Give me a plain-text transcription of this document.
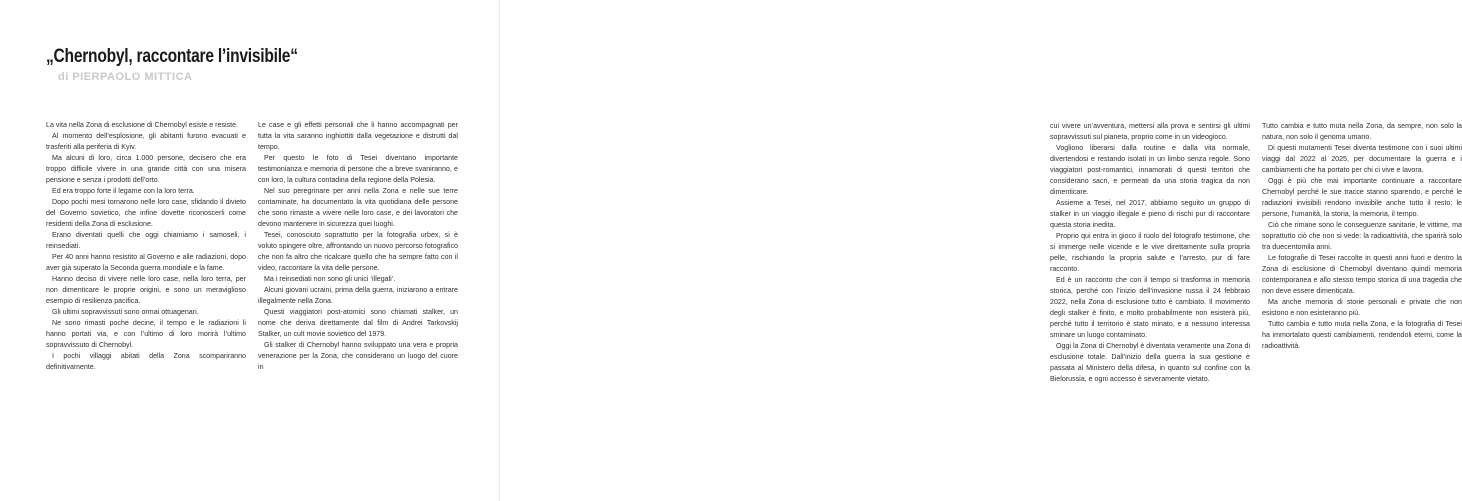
„Chernobyl, raccontare l’invisibile“
di PIERPAOLO MITTICA

La vita nella Zona di esclusione di Chernobyl esiste e resiste.

Al momento dell’esplosione, gli abitanti furono evacuati e trasferiti alla periferia di Kyiv.

Ma alcuni di loro, circa 1.000 persone, decisero che era troppo difficile vivere in una grande città con una misera pensione e senza i prodotti dell’orto.

Ed era troppo forte il legame con la loro terra.

Dopo pochi mesi tornarono nelle loro case, sfidando il divieto del Governo sovietico, che infine dovette riconoscerli come residenti della Zona di esclusione.

Erano diventati quelli che oggi chiamiamo i samoseli, i reinsediati.

Per 40 anni hanno resistito al Governo e alle radiazioni, dopo aver già superato la Seconda guerra mondiale e la fame.

Hanno deciso di vivere nelle loro case, nella loro terra, per non dimenticare le proprie origini, e sono un meraviglioso esempio di resilienza pacifica.

Gli ultimi sopravvissuti sono ormai ottuagenari.

Ne sono rimasti poche decine, il tempo e le radiazioni li hanno portati via, e con l’ultimo di loro morirà l’ultimo sopravvissuto di Chernobyl.

I pochi villaggi abitati della Zona scompariranno definitivamente.

Le case e gli effetti personali che li hanno accompagnati per tutta la vita saranno inghiottiti dalla vegetazione e distrutti dal tempo.

Per questo le foto di Tesei diventano importante testimonianza e memoria di persone che a breve svaniranno, e con loro, la cultura contadina della regione della Polesia.

Nel suo peregrinare per anni nella Zona e nelle sue terre contaminate, ha documentato la vita quotidiana delle persone che sono rimaste a vivere nelle loro case, e dei lavoratori che devono mantenere in sicurezza quei luoghi.

Tesei, conosciuto soprattutto per la fotografia urbex, si è voluto spingere oltre, affrontando un nuovo percorso fotografico che non fa altro che ricalcare quello che ha sempre fatto con il video, raccontare la vita delle persone.

Ma i reinsediati non sono gli unici ‘illegali’.

Alcuni giovani ucraini, prima della guerra, iniziarono a entrare illegalmente nella Zona.

Questi viaggiatori post-atomici sono chiamati stalker, un nome che deriva direttamente dal film di Andrei Tarkovskij Stalker, un cult movie sovietico del 1979.

Gli stalker di Chernobyl hanno sviluppato una vera e propria venerazione per la Zona, che considerano un luogo del cuore in

cui vivere un’avventura, mettersi alla prova e sentirsi gli ultimi sopravvissuti sul pianeta, proprio come in un videogioco.

Vogliono liberarsi dalla routine e dalla vita normale, divertendosi e restando isolati in un limbo senza regole. Sono viaggiatori post-romantici, innamorati di questi territori che considerano sacri, e permeati da una storia tragica da non dimenticare.

Assieme a Tesei, nel 2017, abbiamo seguito un gruppo di stalker in un viaggio illegale e pieno di rischi pur di raccontare questa storia inedita.

Proprio qui entra in gioco il ruolo del fotografo testimone, che si immerge nelle vicende e le vive direttamente sulla propria pelle, rischiando la propria salute e l’arresto, pur di fare racconto.

Ed è un racconto che con il tempo si trasforma in memoria storica, perché con l’inizio dell’invasione russa il 24 febbraio 2022, nella Zona di esclusione tutto è cambiato. Il movimento degli stalker è finito, e molto probabilmente non esisterà più, perché tutto il territorio è stato minato, e a nessuno interessa sminare un luogo contaminato.

Oggi la Zona di Chernobyl è diventata veramente una Zona di esclusione totale. Dall’inizio della guerra la sua gestione è passata al Ministero della difesa, in quanto sul confine con la Bielorussia, e ogni accesso è severamente vietato.

Tutto cambia e tutto muta nella Zona, da sempre, non solo la natura, non solo il genoma umano.

Di questi mutamenti Tesei diventa testimone con i suoi ultimi viaggi dal 2022 al 2025, per documentare la guerra e i cambiamenti che ha portato per chi ci vive e lavora.

Oggi è più che mai importante continuare a raccontare Chernobyl perché le sue tracce stanno sparendo, e perché le radiazioni invisibili rendono invisibile anche tutto il resto: le persone, l’umanità, la storia, la memoria, il tempo.

Ciò che rimane sono le conseguenze sanitarie, le vittime, ma soprattutto ciò che non si vede: la radioattività, che sparirà solo tra duecentomila anni.

Le fotografie di Tesei raccolte in questi anni fuori e dentro la Zona di esclusione di Chernobyl diventano quindi memoria contemporanea e allo stesso tempo storica di una tragedia che non deve essere dimenticata.

Ma anche memoria di storie personali e private che non esistono e non esisteranno più.

Tutto cambia e tutto muta nella Zona, e la fotografia di Tesei ha immortalato questi cambiamenti, rendendoli eterni, come la radioattività.
